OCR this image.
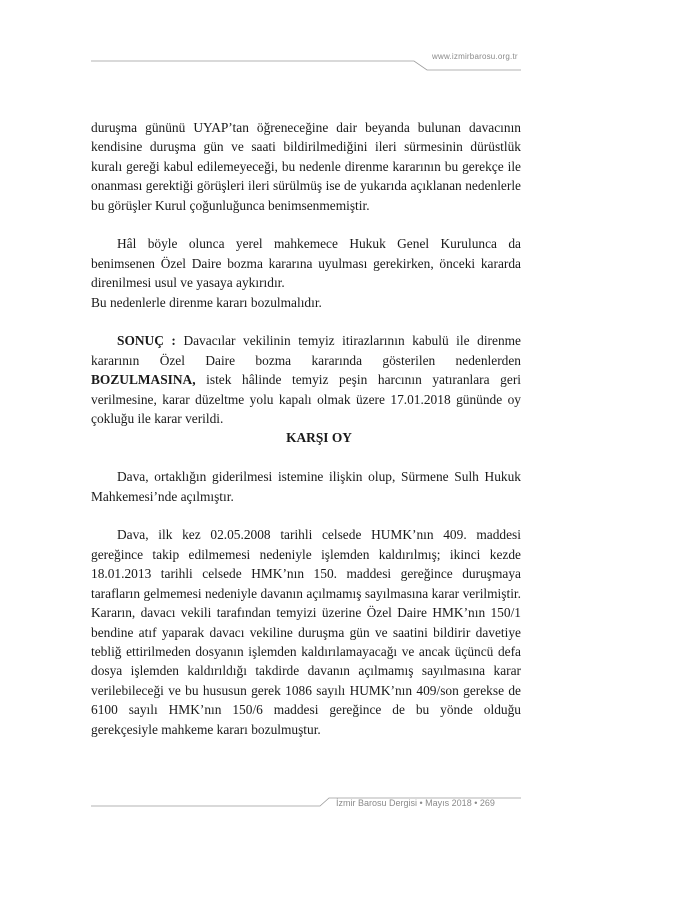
www.izmirbarosu.org.tr

duruşma gününü UYAP’tan öğreneceğine dair beyanda bulunan davacının kendisine duruşma gün ve saati bildirilmediğini ileri sürmesinin dürüstlük kuralı gereği kabul edilemeyeceği, bu nedenle direnme kararının bu gerekçe ile onanması gerektiği görüşleri ileri sürülmüş ise de yukarıda açıklanan nedenlerle bu görüşler Kurul çoğunluğunca benimsenmemiştir.

Hâl böyle olunca yerel mahkemece Hukuk Genel Kurulunca da benimsenen Özel Daire bozma kararına uyulması gerekirken, önceki kararda direnilmesi usul ve yasaya aykırıdır.

Bu nedenlerle direnme kararı bozulmalıdır.

SONUÇ : Davacılar vekilinin temyiz itirazlarının kabulü ile direnme kararının Özel Daire bozma kararında gösterilen nedenlerden BOZULMASINA, istek hâlinde temyiz peşin harcının yatıranlara geri verilmesine, karar düzeltme yolu kapalı olmak üzere 17.01.2018 gününde oy çokluğu ile karar verildi.

KARŞI OY

Dava, ortaklığın giderilmesi istemine ilişkin olup, Sürmene Sulh Hukuk Mahkemesi’nde açılmıştır.

Dava, ilk kez 02.05.2008 tarihli celsede HUMK’nın 409. maddesi gereğince takip edilmemesi nedeniyle işlemden kaldırılmış; ikinci kezde 18.01.2013 tarihli celsede HMK’nın 150. maddesi gereğince duruşmaya tarafların gelmemesi nedeniyle davanın açılmamış sayılmasına karar verilmiştir. Kararın, davacı vekili tarafından temyizi üzerine Özel Daire HMK’nın 150/1 bendine atıf yaparak davacı vekiline duruşma gün ve saatini bildirir davetiye tebliğ ettirilmeden dosyanın işlemden kaldırılamayacağı ve ancak üçüncü defa dosya işlemden kaldırıldığı takdirde davanın açılmamış sayılmasına karar verilebileceği ve bu hususun gerek 1086 sayılı HUMK’nın 409/son gerekse de 6100 sayılı HMK’nın 150/6 maddesi gereğince de bu yönde olduğu gerekçesiyle mahkeme kararı bozulmuştur.

İzmir Barosu Dergisi • Mayıs 2018 • 269
